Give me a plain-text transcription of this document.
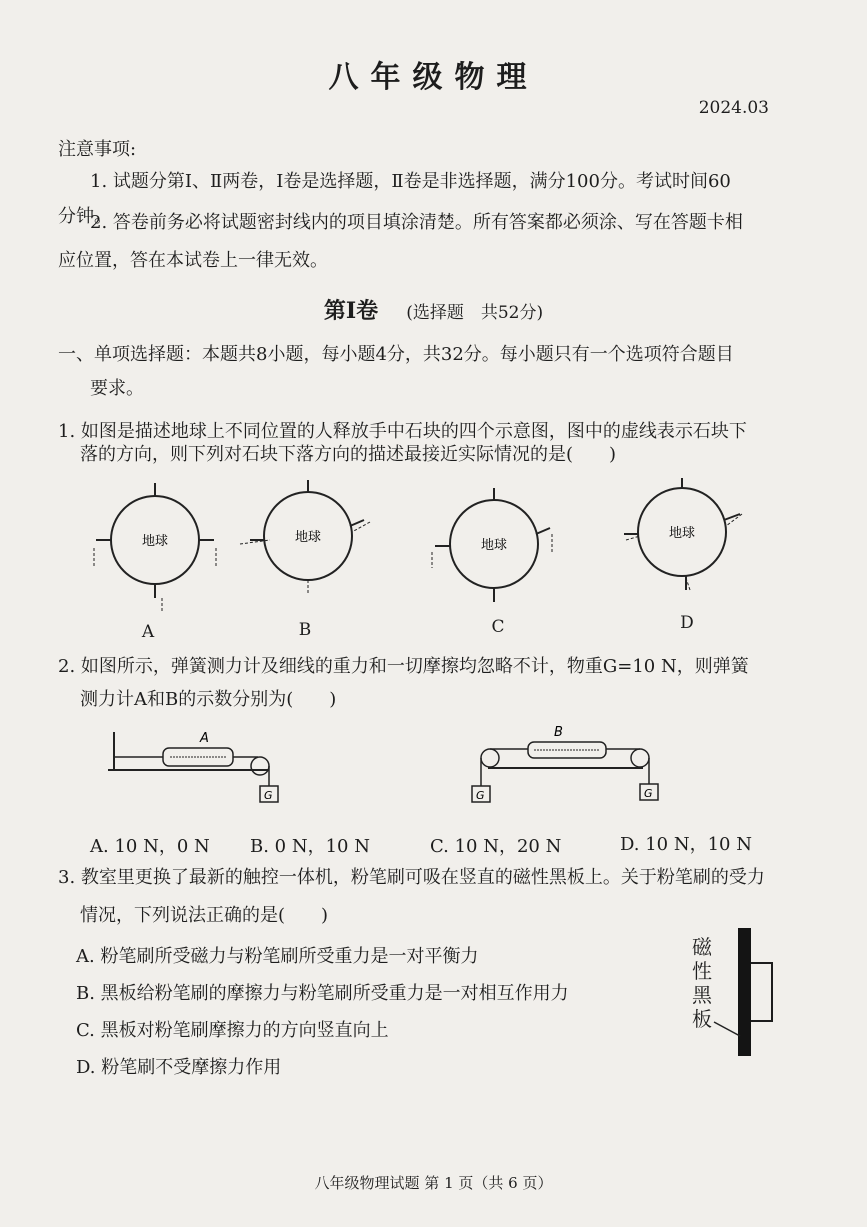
八年级物理
2024.03
注意事项:
1. 试题分第Ⅰ、Ⅱ两卷，Ⅰ卷是选择题，Ⅱ卷是非选择题，满分100分。考试时间60
分钟。
2. 答卷前务必将试题密封线内的项目填涂清楚。所有答案都必须涂、写在答题卡相
应位置，答在本试卷上一律无效。
第Ⅰ卷 (选择题　共52分)
一、单项选择题：本题共8小题，每小题4分，共32分。每小题只有一个选项符合题目
要求。
1. 如图是描述地球上不同位置的人释放手中石块的四个示意图，图中的虚线表示石块下
落的方向，则下列对石块下落方向的描述最接近实际情况的是(　　)
地球	地球
地球
地球
A	B	C	D
2. 如图所示，弹簧测力计及细线的重力和一切摩擦均忽略不计，物重G=10 N，则弹簧
测力计A和B的示数分别为(　　)
A
G
B
G	G
A. 10 N，0 N B. 0 N，10 N	C. 10 N，20 N	D. 10 N，10 N
3. 教室里更换了最新的触控一体机，粉笔刷可吸在竖直的磁性黑板上。关于粉笔刷的受力
情况，下列说法正确的是(　　)
A. 粉笔刷所受磁力与粉笔刷所受重力是一对平衡力
B. 黑板给粉笔刷的摩擦力与粉笔刷所受重力是一对相互作用力
C. 黑板对粉笔刷摩擦力的方向竖直向上
D. 粉笔刷不受摩擦力作用
磁
性
黑
板
八年级物理试题 第 1 页（共 6 页）
